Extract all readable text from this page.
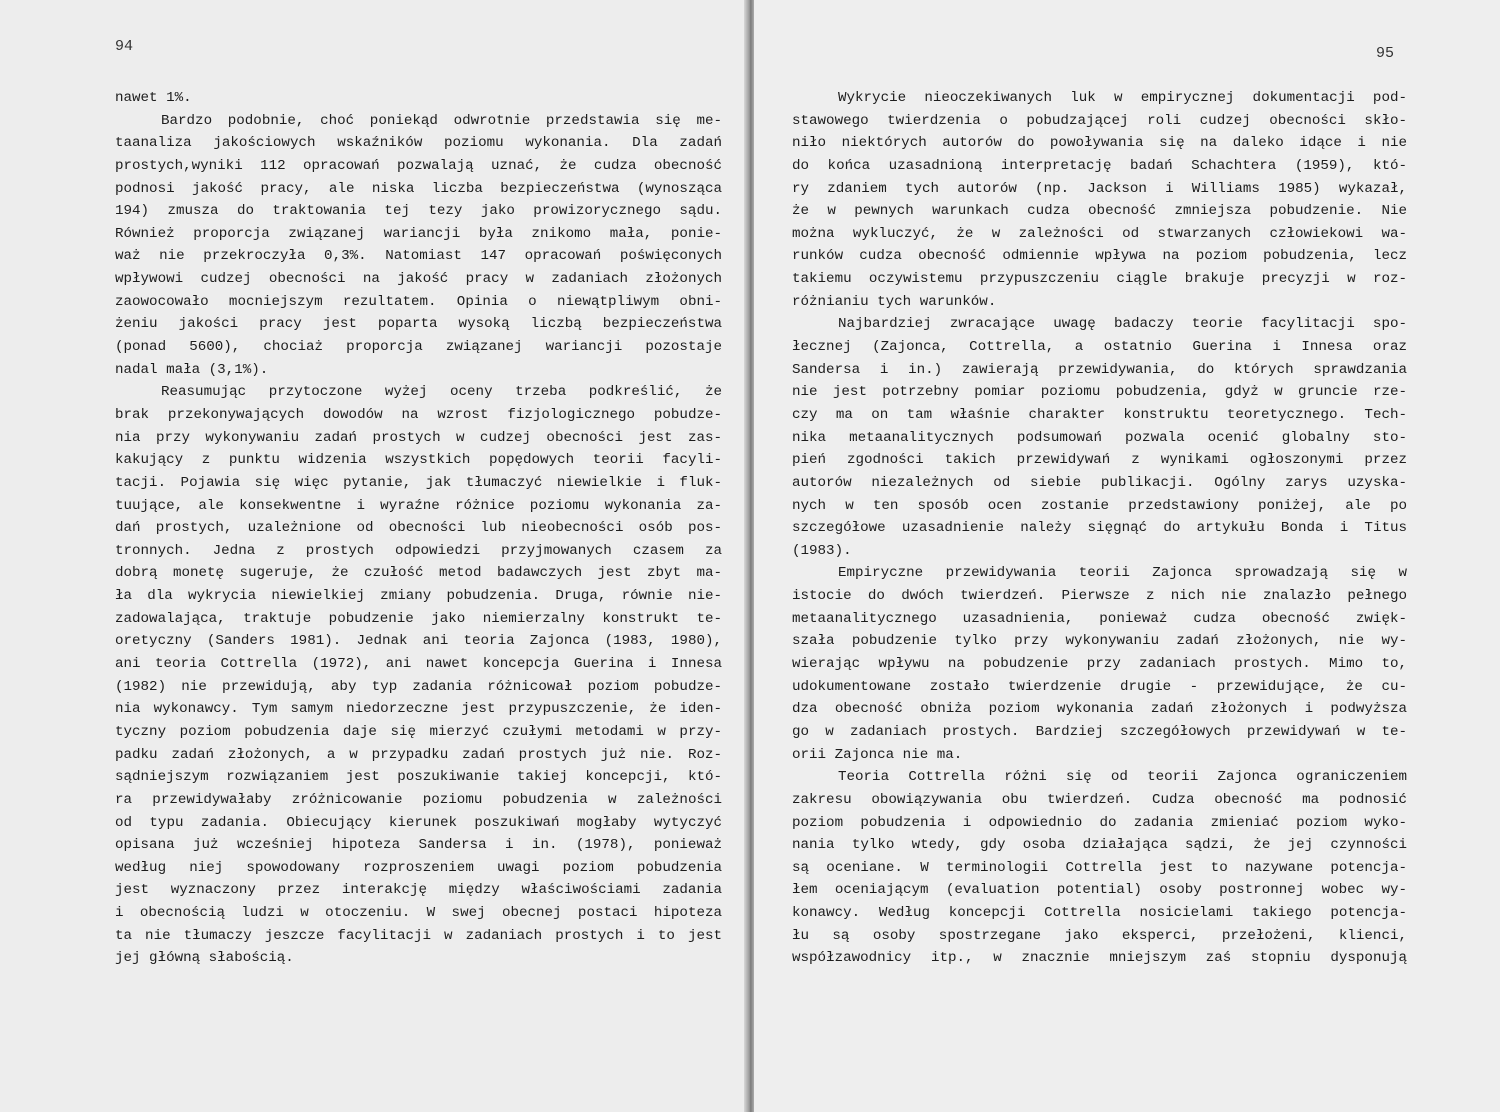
94
nawet 1%.
Bardzo podobnie, choć poniekąd odwrotnie przedstawia się me-
taanaliza jakościowych wskaźników poziomu wykonania. Dla zadań
prostych,wyniki 112 opracowań pozwalają uznać, że cudza obecność
podnosi jakość pracy, ale niska liczba bezpieczeństwa (wynosząca
194) zmusza do traktowania tej tezy jako prowizorycznego sądu.
Również proporcja związanej wariancji była znikomo mała, ponie-
waż nie przekroczyła 0,3%. Natomiast 147 opracowań poświęconych
wpływowi cudzej obecności na jakość pracy w zadaniach złożonych
zaowocowało mocniejszym rezultatem. Opinia o niewątpliwym obni-
żeniu jakości pracy jest poparta wysoką liczbą bezpieczeństwa
(ponad 5600), chociaż proporcja związanej wariancji pozostaje
nadal mała (3,1%).
Reasumując przytoczone wyżej oceny trzeba podkreślić, że
brak przekonywających dowodów na wzrost fizjologicznego pobudze-
nia przy wykonywaniu zadań prostych w cudzej obecności jest zas-
kakujący z punktu widzenia wszystkich popędowych teorii facyli-
tacji. Pojawia się więc pytanie, jak tłumaczyć niewielkie i fluk-
tuujące, ale konsekwentne i wyraźne różnice poziomu wykonania za-
dań prostych, uzależnione od obecności lub nieobecności osób pos-
tronnych. Jedna z prostych odpowiedzi przyjmowanych czasem za
dobrą monetę sugeruje, że czułość metod badawczych jest zbyt ma-
ła dla wykrycia niewielkiej zmiany pobudzenia. Druga, równie nie-
zadowalająca, traktuje pobudzenie jako niemierzalny konstrukt te-
oretyczny (Sanders 1981). Jednak ani teoria Zajonca (1983, 1980),
ani teoria Cottrella (1972), ani nawet koncepcja Guerina i Innesa
(1982) nie przewidują, aby typ zadania różnicował poziom pobudze-
nia wykonawcy. Tym samym niedorzeczne jest przypuszczenie, że iden-
tyczny poziom pobudzenia daje się mierzyć czułymi metodami w przy-
padku zadań złożonych, a w przypadku zadań prostych już nie. Roz-
sądniejszym rozwiązaniem jest poszukiwanie takiej koncepcji, któ-
ra przewidywałaby zróżnicowanie poziomu pobudzenia w zależności
od typu zadania. Obiecujący kierunek poszukiwań mogłaby wytyczyć
opisana już wcześniej hipoteza Sandersa i in. (1978), ponieważ
według niej spowodowany rozproszeniem uwagi poziom pobudzenia
jest wyznaczony przez interakcję między właściwościami zadania
i obecnością ludzi w otoczeniu. W swej obecnej postaci hipoteza
ta nie tłumaczy jeszcze facylitacji w zadaniach prostych i to jest
jej główną słabością.
95
Wykrycie nieoczekiwanych luk w empirycznej dokumentacji pod-
stawowego twierdzenia o pobudzającej roli cudzej obecności skło-
niło niektórych autorów do powoływania się na daleko idące i nie
do końca uzasadnioną interpretację badań Schachtera (1959), któ-
ry zdaniem tych autorów (np. Jackson i Williams 1985) wykazał,
że w pewnych warunkach cudza obecność zmniejsza pobudzenie. Nie
można wykluczyć, że w zależności od stwarzanych człowiekowi wa-
runków cudza obecność odmiennie wpływa na poziom pobudzenia, lecz
takiemu oczywistemu przypuszczeniu ciągle brakuje precyzji w roz-
różnianiu tych warunków.
Najbardziej zwracające uwagę badaczy teorie facylitacji spo-
łecznej (Zajonca, Cottrella, a ostatnio Guerina i Innesa oraz
Sandersa i in.) zawierają przewidywania, do których sprawdzania
nie jest potrzebny pomiar poziomu pobudzenia, gdyż w gruncie rze-
czy ma on tam właśnie charakter konstruktu teoretycznego. Tech-
nika metaanalitycznych podsumowań pozwala ocenić globalny sto-
pień zgodności takich przewidywań z wynikami ogłoszonymi przez
autorów niezależnych od siebie publikacji. Ogólny zarys uzyska-
nych w ten sposób ocen zostanie przedstawiony poniżej, ale po
szczegółowe uzasadnienie należy sięgnąć do artykułu Bonda i Titus
(1983).
Empiryczne przewidywania teorii Zajonca sprowadzają się w
istocie do dwóch twierdzeń. Pierwsze z nich nie znalazło pełnego
metaanalitycznego uzasadnienia, ponieważ cudza obecność zwięk-
szała pobudzenie tylko przy wykonywaniu zadań złożonych, nie wy-
wierając wpływu na pobudzenie przy zadaniach prostych. Mimo to,
udokumentowane zostało twierdzenie drugie - przewidujące, że cu-
dza obecność obniża poziom wykonania zadań złożonych i podwyższa
go w zadaniach prostych. Bardziej szczegółowych przewidywań w te-
orii Zajonca nie ma.
Teoria Cottrella różni się od teorii Zajonca ograniczeniem
zakresu obowiązywania obu twierdzeń. Cudza obecność ma podnosić
poziom pobudzenia i odpowiednio do zadania zmieniać poziom wyko-
nania tylko wtedy, gdy osoba działająca sądzi, że jej czynności
są oceniane. W terminologii Cottrella jest to nazywane potencja-
łem oceniającym (evaluation potential) osoby postronnej wobec wy-
konawcy. Według koncepcji Cottrella nosicielami takiego potencja-
łu są osoby spostrzegane jako eksperci, przełożeni, klienci,
współzawodnicy itp., w znacznie mniejszym zaś stopniu dysponują
